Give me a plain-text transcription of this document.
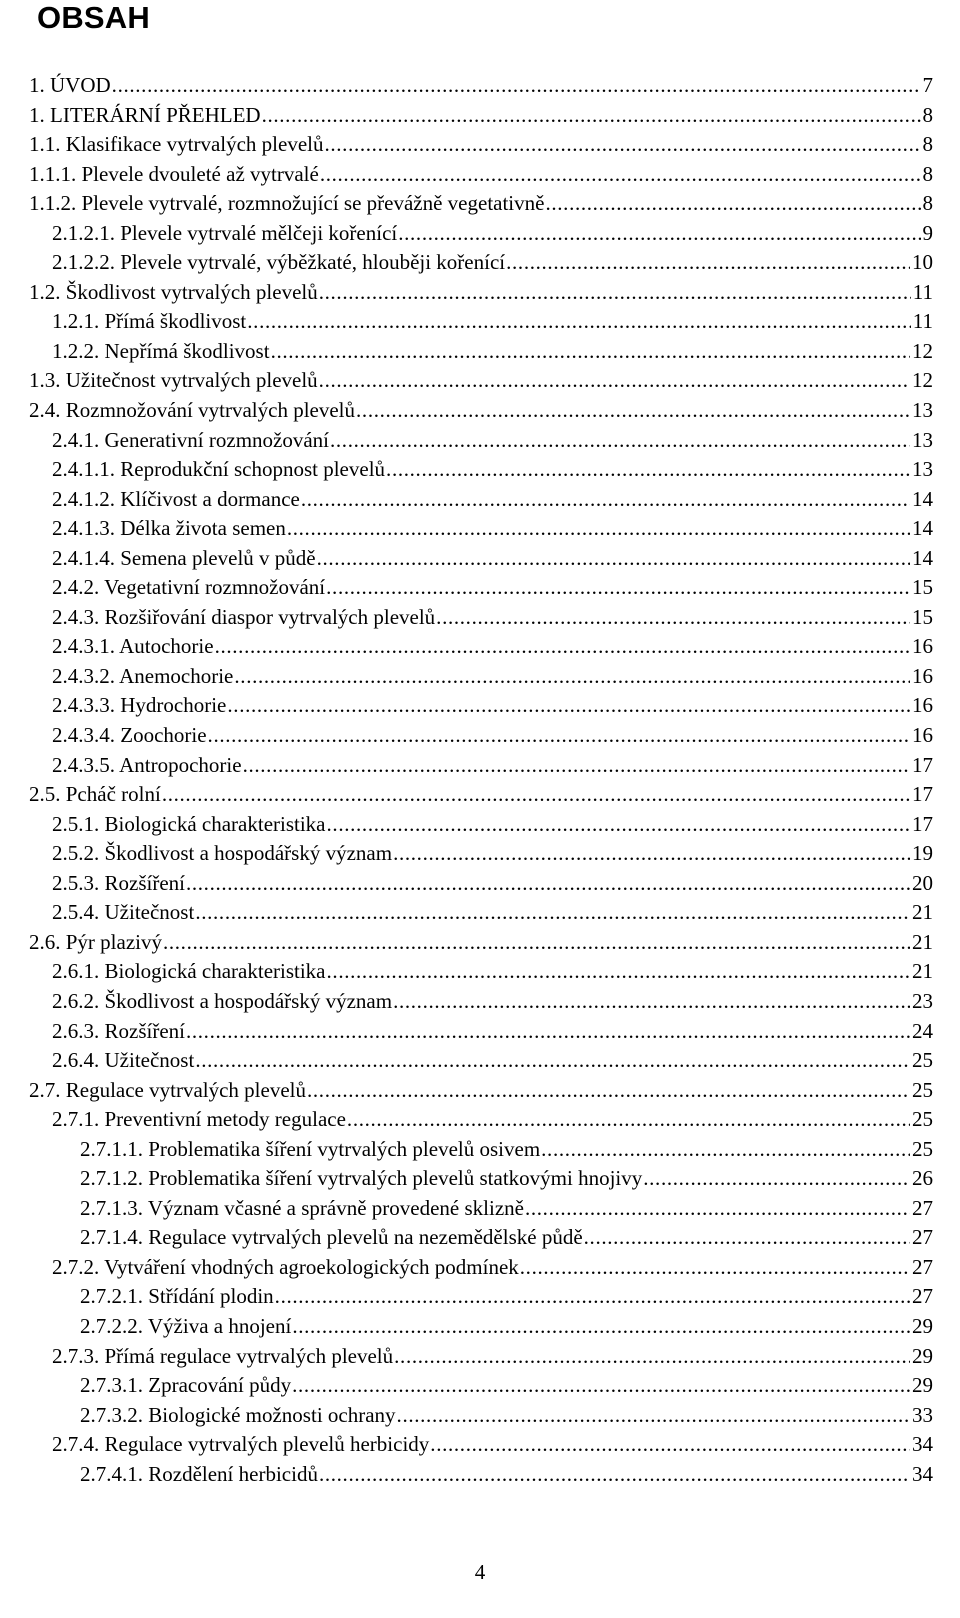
OBSAH
1. ÚVOD . . .	7
1. LITERÁRNÍ PŘEHLED . . .	8
1.1. Klasifikace vytrvalých plevelů . . .	8
1.1.1. Plevele dvouleté až vytrvalé . . .	8
1.1.2. Plevele vytrvalé, rozmnožující se převážně vegetativně . . .	8
2.1.2.1. Plevele vytrvalé mělčeji kořenící . . .	9
2.1.2.2. Plevele vytrvalé, výběžkaté, hlouběji kořenící . . .	10
1.2. Škodlivost vytrvalých plevelů . . .	11
1.2.1. Přímá škodlivost . . .	11
1.2.2. Nepřímá škodlivost . . .	12
1.3. Užitečnost vytrvalých plevelů . . .	12
2.4. Rozmnožování vytrvalých plevelů . . .	13
2.4.1. Generativní rozmnožování . . .	13
2.4.1.1. Reprodukční schopnost plevelů . . .	13
2.4.1.2. Klíčivost a dormance . . .	14
2.4.1.3. Délka života semen . . .	14
2.4.1.4. Semena plevelů v půdě . . .	14
2.4.2. Vegetativní rozmnožování . . .	15
2.4.3. Rozšiřování diaspor vytrvalých plevelů . . .	15
2.4.3.1. Autochorie . . .	16
2.4.3.2. Anemochorie . . .	16
2.4.3.3. Hydrochorie . . .	16
2.4.3.4. Zoochorie . . .	16
2.4.3.5. Antropochorie . . .	17
2.5. Pcháč rolní . . .	17
2.5.1. Biologická charakteristika . . .	17
2.5.2. Škodlivost a hospodářský význam . . .	19
2.5.3. Rozšíření . . .	20
2.5.4. Užitečnost . . .	21
2.6. Pýr plazivý . . .	21
2.6.1. Biologická charakteristika . . .	21
2.6.2. Škodlivost a hospodářský význam . . .	23
2.6.3. Rozšíření . . .	24
2.6.4. Užitečnost . . .	25
2.7. Regulace vytrvalých plevelů . . .	25
2.7.1. Preventivní metody regulace . . .	25
2.7.1.1. Problematika šíření vytrvalých plevelů osivem . . .	25
2.7.1.2. Problematika šíření vytrvalých plevelů statkovými hnojivy . . .	26
2.7.1.3. Význam včasné a správně provedené sklizně . . .	27
2.7.1.4. Regulace vytrvalých plevelů na nezemědělské půdě . . .	27
2.7.2. Vytváření vhodných agroekologických podmínek . . .	27
2.7.2.1. Střídání plodin . . .	27
2.7.2.2. Výživa a hnojení . . .	29
2.7.3. Přímá regulace vytrvalých plevelů . . .	29
2.7.3.1. Zpracování půdy . . .	29
2.7.3.2. Biologické možnosti ochrany . . .	33
2.7.4. Regulace vytrvalých plevelů herbicidy . . .	34
2.7.4.1. Rozdělení herbicidů . . .	34
4
